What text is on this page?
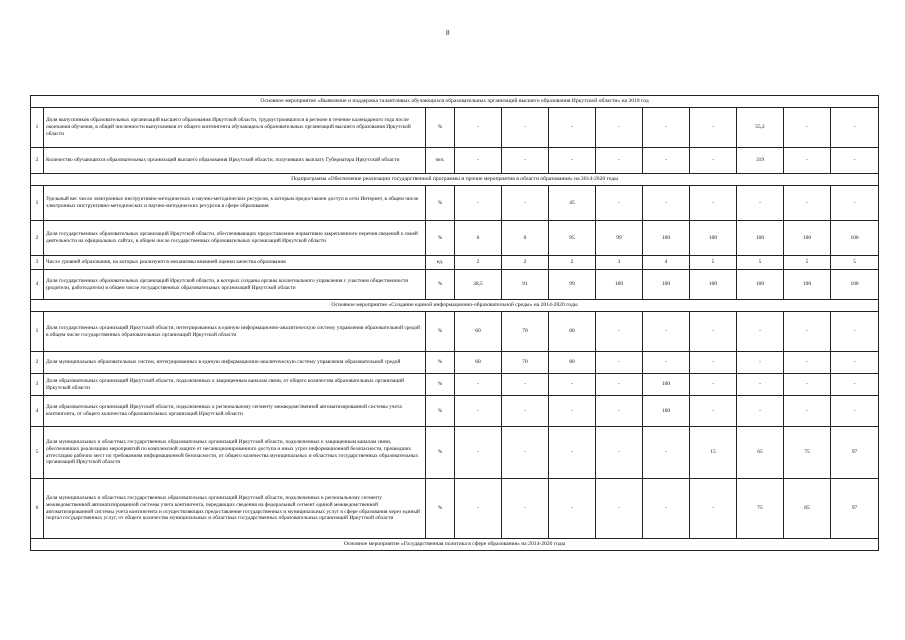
8
Основное мероприятие «Выявление и поддержка талантливых обучающихся образовательных организаций высшего образования Иркутской области» на 2018 год											
1	Доля выпускников образовательных организаций высшего образования Иркутской области, трудоустроившихся в регионе в течение календарного года после окончания обучения, в общей численности выпускников от общего контингента обучающихся образовательных организаций высшего образования Иркутской области	%	-	-	-	-	-	-	55,2	-	-
2	Количество обучающихся образовательных организаций высшего образования Иркутской области, получивших выплату Губернатора Иркутской области	чел.	-	-	-	-	-	-	319	-	-
Подпрограмма «Обеспечение реализации государственной программы и прочие мероприятия в области образования» на 2014-2020 годы											
1	Удельный вес число электронных инструктивно-методических и научно-методических ресурсов, к которым предоставлен доступ в сети Интернет, в общем числе электронных инструктивно-методических и научно-методических ресурсов в сфере образования	%	-	-	45	-	-	-	-	-	-
2	Доля государственных образовательных организаций Иркутской области, обеспечивающих предоставление нормативно закрепленного перечня сведений о своей деятельности на официальных сайтах, в общем числе государственных образовательных организаций Иркутской области	%	0	0	95	99	100	100	100	100	100
3	Число уровней образования, на которых реализуются механизмы внешней оценки качества образования	ед.	2	2	2	3	4	5	5	5	5
4	Доля государственных образовательных организаций Иркутской области, в которых созданы органы коллегиального управления с участием общественности (родители, работодатели) в общем числе государственных образовательных организаций Иркутской области	%	38,5	91	99	100	100	100	100	100	100
Основное мероприятие «Создание единой информационно-образовательной среды» на 2014-2020 годы											
1	Доля государственных организаций Иркутской области, интегрированных в единую информационно-аналитическую систему управления образовательной средой в общем числе государственных образовательных организаций Иркутской области	%	60	70	80	-	-	-	-	-	-
2	Доля муниципальных образовательных систем, интегрированных в единую информационно-аналитическую систему управления образовательной средой	%	60	70	80	-	-	-	-	-	-
3	Доля образовательных организаций Иркутской области, подключенных к защищенным каналам связи, от общего количества образовательных организаций Иркутской области	%	-	-	-	-	100	-	-	-	-
4	Доля образовательных организаций Иркутской области, подключенных к региональному сегменту межведомственной автоматизированной системы учета контингента, от общего количества образовательных организаций Иркутской области	%	-	-	-	-	100	-	-	-	-
5	Доля муниципальных и областных государственных образовательных организаций Иркутской области, подключенных к защищенным каналам связи, обеспечивших реализацию мероприятий по комплексной защите от несанкционированного доступа и иных угроз информационной безопасности, прошедших аттестацию рабочих мест по требованиям информационной безопасности, от общего количества муниципальных и областных государственных образовательных организаций Иркутской области	%	-	-	-	-	-	15	65	75	97
6	Доля муниципальных и областных государственных образовательных организаций Иркутской области, подключенных к региональному сегменту межведомственной автоматизированной системы учета контингента, передающих сведения на федеральный сегмент единой межведомственной автоматизированной системы учета контингента и осуществляющих предоставление государственных и муниципальных услуг в сфере образования через единый портал государственных услуг, от общего количества муниципальных и областных государственных образовательных организаций Иркутской области	%	-	-	-	-	-	-	75	85	97
Основное мероприятие «Государственная политика в сфере образования» на 2014-2020 годы											
